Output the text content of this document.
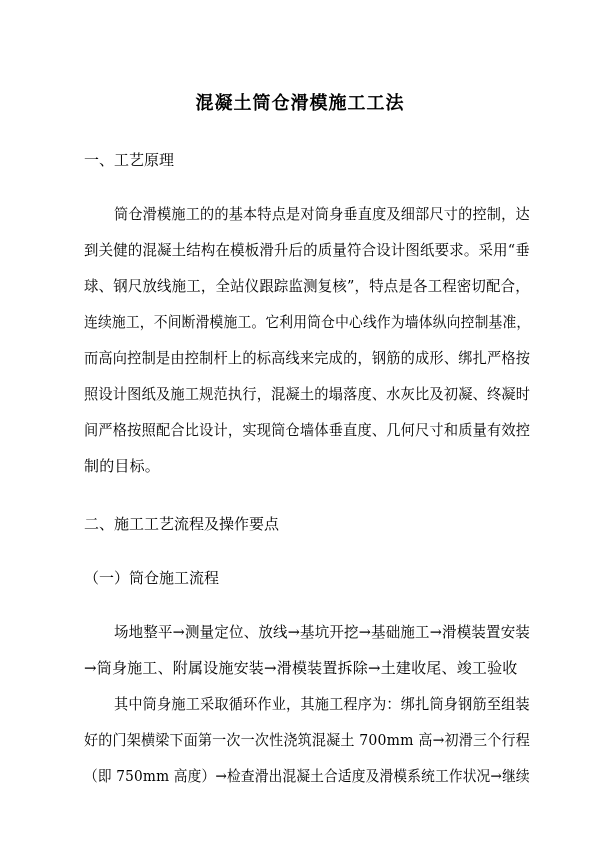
混凝土筒仓滑模施工工法
一、工艺原理
筒仓滑模施工的的基本特点是对筒身垂直度及细部尺寸的控制，达
到关健的混凝土结构在模板滑升后的质量符合设计图纸要求。采用“垂
球、钢尺放线施工，全站仪跟踪监测复核”，特点是各工程密切配合，
连续施工，不间断滑模施工。它利用筒仓中心线作为墙体纵向控制基准，
而高向控制是由控制杆上的标高线来完成的，钢筋的成形、绑扎严格按
照设计图纸及施工规范执行，混凝土的塌落度、水灰比及初凝、终凝时
间严格按照配合比设计，实现筒仓墙体垂直度、几何尺寸和质量有效控
制的目标。
二、施工工艺流程及操作要点
（一）筒仓施工流程
场地整平→测量定位、放线→基坑开挖→基础施工→滑模装置安装
→筒身施工、附属设施安装→滑模装置拆除→土建收尾、竣工验收
其中筒身施工采取循环作业，其施工程序为：绑扎筒身钢筋至组装
好的门架横梁下面第一次一次性浇筑混凝土 700mm 高→初滑三个行程
（即 750mm 高度）→检查滑出混凝土合适度及滑模系统工作状况→继续
